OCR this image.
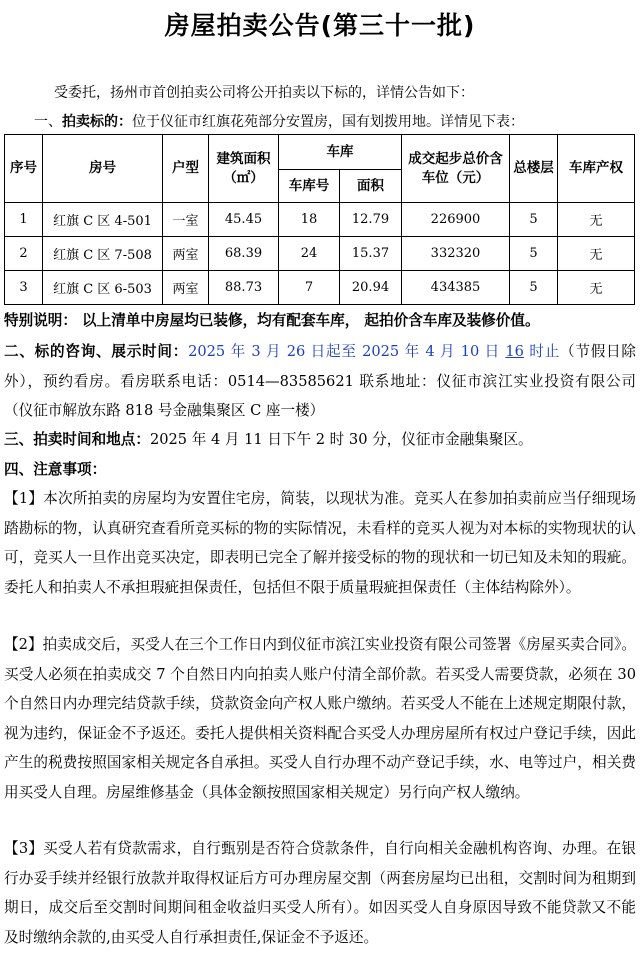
房屋拍卖公告(第三十一批)
受委托，扬州市首创拍卖公司将公开拍卖以下标的，详情公告如下：
一、拍卖标的：位于仪征市红旗花苑部分安置房，国有划拨用地。详情见下表：
序号	房号	户型	建筑面积（㎡）	车库		成交起步总价含车位（元）	总楼层	车库产权
				车库号	面积			
1	红旗 C 区 4-501	一室	45.45	18	12.79	226900	5	无
2	红旗 C 区 7-508	两室	68.39	24	15.37	332320	5	无
3	红旗 C 区 6-503	两室	88.73	7	20.94	434385	5	无

特别说明： 以上清单中房屋均已装修，均有配套车库， 起拍价含车库及装修价值。

二、标的咨询、展示时间：2025 年 3 月 26 日起至 2025 年 4 月 10 日 16 时止（节假日除外），预约看房。看房联系电话：0514—83585621 联系地址：仪征市滨江实业投资有限公司（仪征市解放东路 818 号金融集聚区 C 座一楼）

三、拍卖时间和地点：2025 年 4 月 11 日下午 2 时 30 分，仪征市金融集聚区。

四、注意事项：

【1】本次所拍卖的房屋均为安置住宅房，简装，以现状为准。竞买人在参加拍卖前应当仔细现场踏勘标的物，认真研究查看所竞买标的物的实际情况，未看样的竞买人视为对本标的实物现状的认可，竞买人一旦作出竞买决定，即表明已完全了解并接受标的物的现状和一切已知及未知的瑕疵。委托人和拍卖人不承担瑕疵担保责任，包括但不限于质量瑕疵担保责任（主体结构除外）。

【2】拍卖成交后，买受人在三个工作日内到仪征市滨江实业投资有限公司签署《房屋买卖合同》。买受人必须在拍卖成交 7 个自然日内向拍卖人账户付清全部价款。若买受人需要贷款，必须在 30 个自然日内办理完结贷款手续，贷款资金向产权人账户缴纳。若买受人不能在上述规定期限付款，视为违约，保证金不予返还。委托人提供相关资料配合买受人办理房屋所有权过户登记手续，因此产生的税费按照国家相关规定各自承担。买受人自行办理不动产登记手续，水、电等过户，相关费用买受人自理。房屋维修基金（具体金额按照国家相关规定）另行向产权人缴纳。

【3】买受人若有贷款需求，自行甄别是否符合贷款条件，自行向相关金融机构咨询、办理。在银行办妥手续并经银行放款并取得权证后方可办理房屋交割（两套房屋均已出租，交割时间为租期到期日，成交后至交割时间期间租金收益归买受人所有）。如因买受人自身原因导致不能贷款又不能及时缴纳余款的,由买受人自行承担责任,保证金不予返还。
